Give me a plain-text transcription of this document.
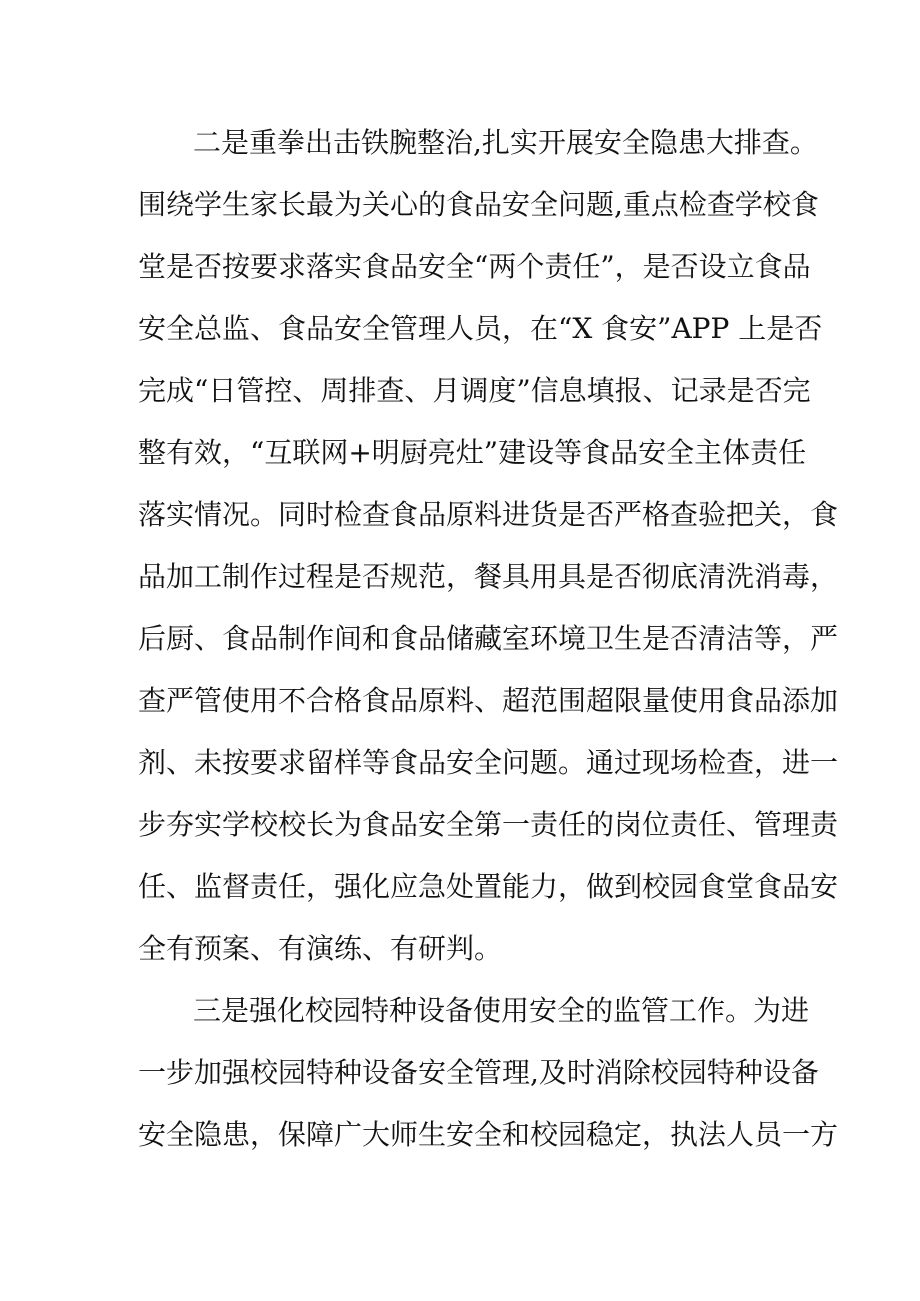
二是重拳出击铁腕整治,扎实开展安全隐患大排查。
围绕学生家长最为关心的食品安全问题,重点检查学校食
堂是否按要求落实食品安全“两个责任”，是否设立食品
安全总监、食品安全管理人员，在“X 食安”APP 上是否
完成“日管控、周排查、月调度”信息填报、记录是否完
整有效，“互联网+明厨亮灶”建设等食品安全主体责任
落实情况。同时检查食品原料进货是否严格查验把关，食
品加工制作过程是否规范，餐具用具是否彻底清洗消毒，
后厨、食品制作间和食品储藏室环境卫生是否清洁等，严
查严管使用不合格食品原料、超范围超限量使用食品添加
剂、未按要求留样等食品安全问题。通过现场检查，进一
步夯实学校校长为食品安全第一责任的岗位责任、管理责
任、监督责任，强化应急处置能力，做到校园食堂食品安
全有预案、有演练、有研判。
三是强化校园特种设备使用安全的监管工作。为进
一步加强校园特种设备安全管理,及时消除校园特种设备
安全隐患，保障广大师生安全和校园稳定，执法人员一方
